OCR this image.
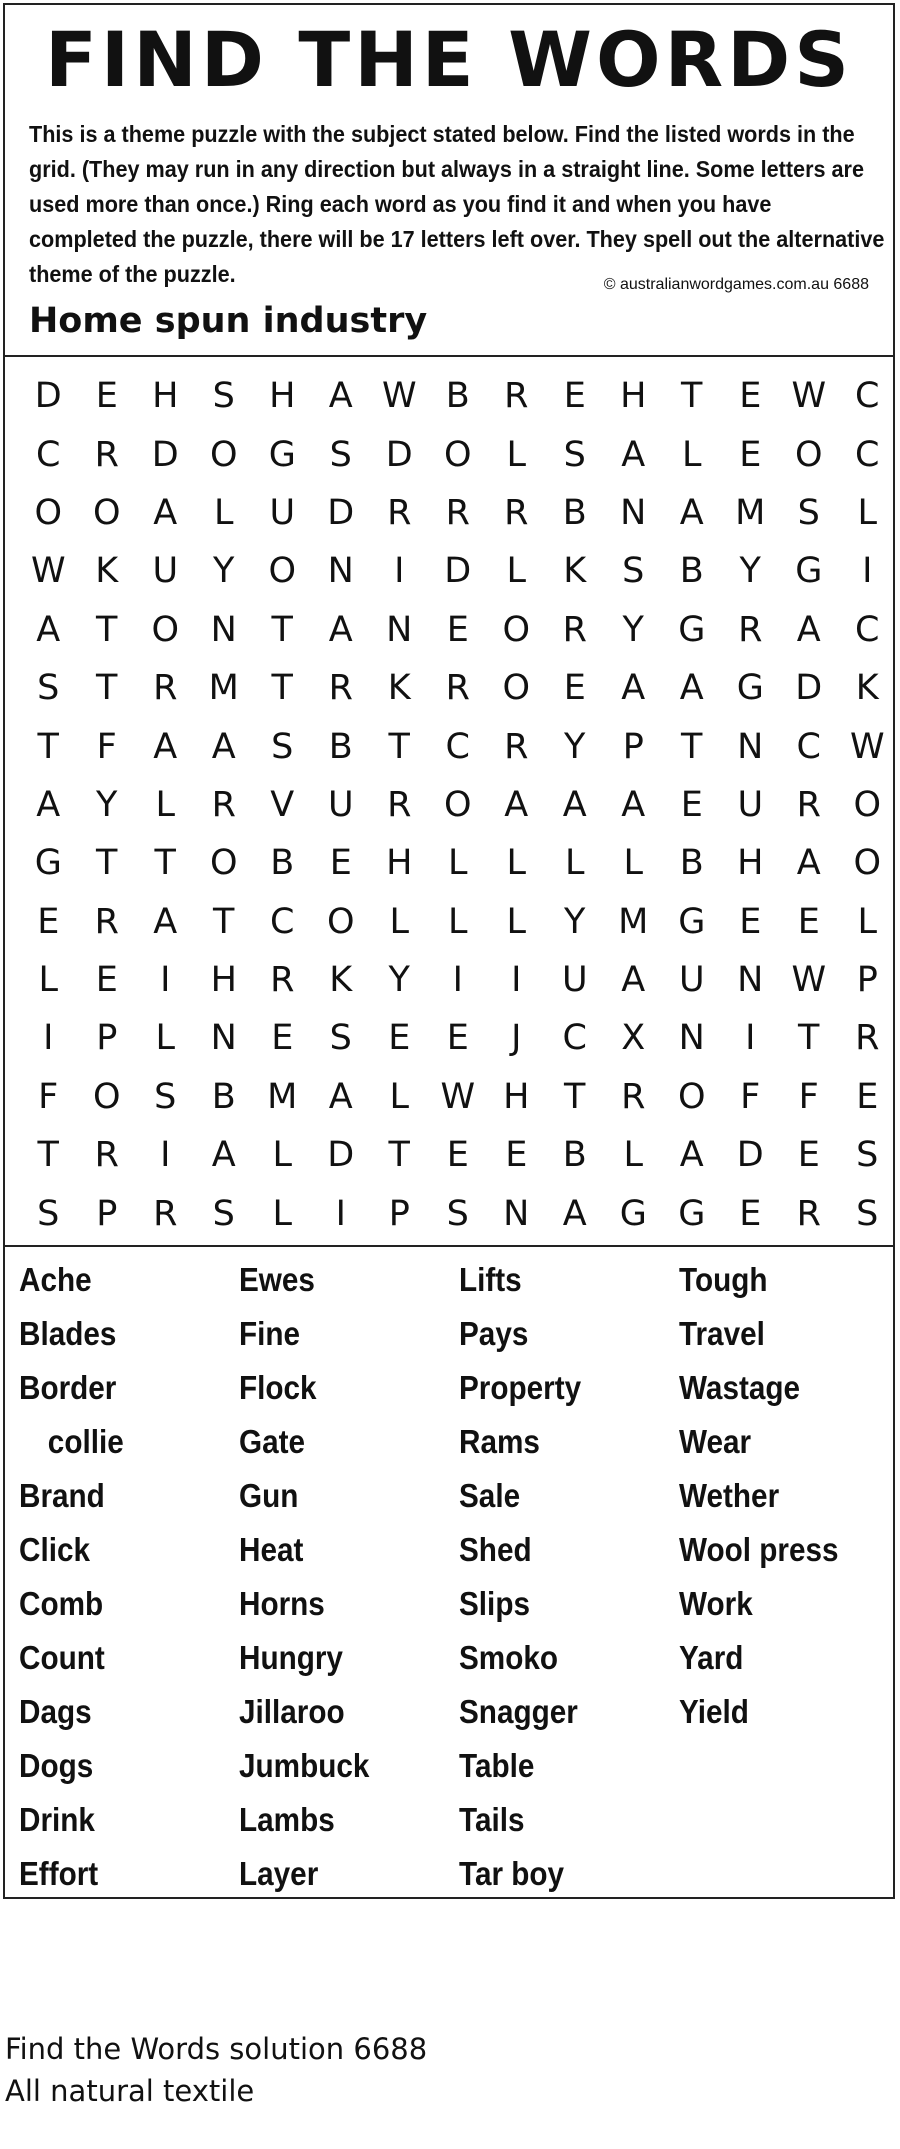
FIND THE WORDS
This is a theme puzzle with the subject stated below. Find the listed words in the grid. (They may run in any direction but always in a straight line. Some letters are used more than once.) Ring each word as you find it and when you have completed the puzzle, there will be 17 letters left over. They spell out the alternative theme of the puzzle.	© australianwordgames.com.au 6688
Home spun industry
D E H S H A W B R	E H T	E W C
C R D O G S D O L	S	A	L	E O C
O O A	L	U D R R R B N A M S	L
W K U Y O N	I	D	L	K	S	B	Y G	I
A	T O N T	A N E O R	Y G R A C
S	T	R M T	R K R O E	A A G D K
T	F	A A	S	B	T	C R	Y	P	T N C W
A	Y	L	R V U R O A A A	E U R O
G T	T O B	E H	L	L	L	L	B H A O
E	R A	T	C O L	L	L	Y M G E	E	L
L	E	I	H R K	Y	I	I	U A U N W P
I	P	L	N E	S	E	E	J	C X N	I	T	R
F O S	B M A	L W H T	R O F	F	E
T	R	I	A	L	D T	E	E	B	L	A D E	S
S	P	R	S	L	I	P	S N A G G E	R	S
Ache
Blades
Border
collie
Brand
Click
Comb
Count
Dags
Dogs
Drink
Effort
Ewes
Fine
Flock
Gate
Gun
Heat
Horns
Hungry
Jillaroo
Jumbuck
Lambs
Layer
Lifts
Pays
Property
Rams
Sale
Shed
Slips
Smoko
Snagger
Table
Tails
Tar boy
Tough
Travel
Wastage
Wear
Wether
Wool press
Work
Yard
Yield
Find the Words solution 6688
All natural textile
